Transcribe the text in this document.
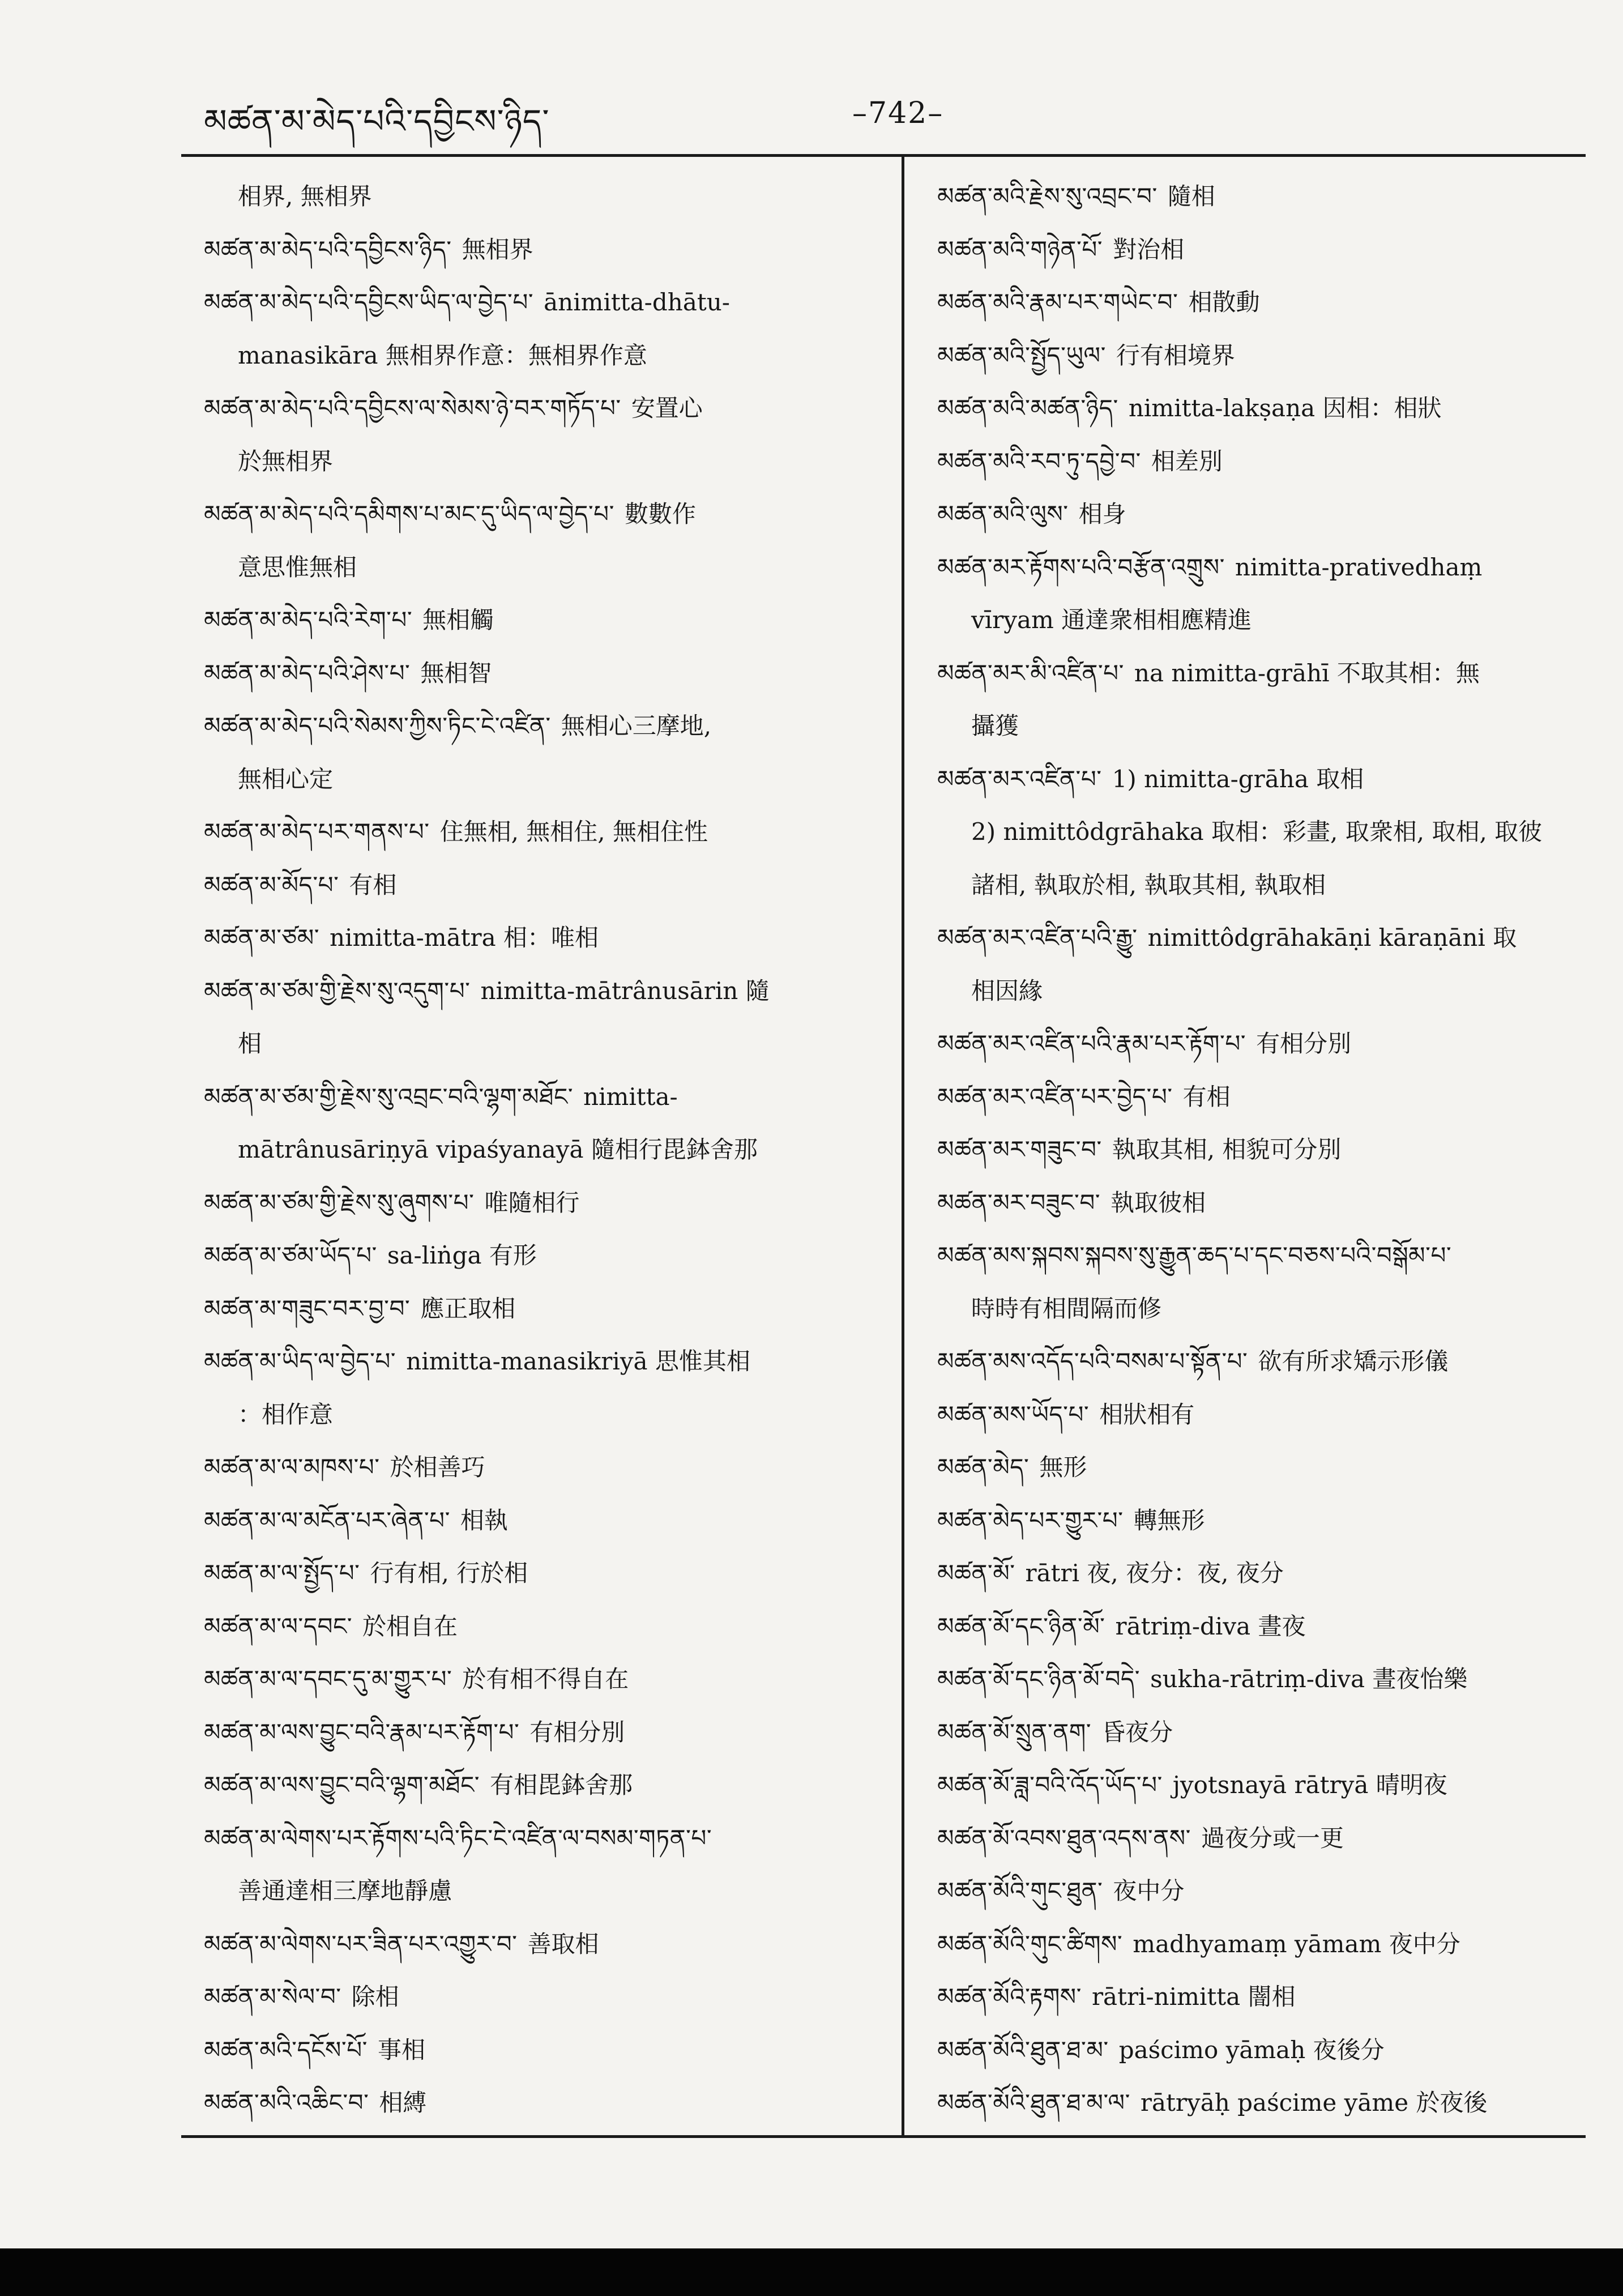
མཚན་མ་མེད་པའི་དབྱིངས་ཉིད་	–742–
相界, 無相界
མཚན་མ་མེད་པའི་དབྱིངས་ཉིད་ 無相界
མཚན་མ་མེད་པའི་དབྱིངས་ཡིད་ལ་བྱེད་པ་ ānimitta-dhātu-
manasikāra 無相界作意：無相界作意
མཚན་མ་མེད་པའི་དབྱིངས་ལ་སེམས་ཉེ་བར་གཏོད་པ་ 安置心
於無相界
མཚན་མ་མེད་པའི་དམིགས་པ་མང་དུ་ཡིད་ལ་བྱེད་པ་ 數數作
意思惟無相
མཚན་མ་མེད་པའི་རེག་པ་ 無相觸
མཚན་མ་མེད་པའི་ཤེས་པ་ 無相智
མཚན་མ་མེད་པའི་སེམས་ཀྱིས་ཏིང་ངེ་འཛིན་ 無相心三摩地,
無相心定
མཚན་མ་མེད་པར་གནས་པ་ 住無相, 無相住, 無相住性
མཚན་མ་མོད་པ་ 有相
མཚན་མ་ཙམ་ nimitta-mātra 相：唯相
མཚན་མ་ཙམ་གྱི་རྗེས་སུ་འདུག་པ་ nimitta-mātrânusārin 隨
相
མཚན་མ་ཙམ་གྱི་རྗེས་སུ་འབྲང་བའི་ལྷག་མཐོང་ nimitta-
mātrânusāriṇyā vipaśyanayā 隨相行毘鉢舍那
མཚན་མ་ཙམ་གྱི་རྗེས་སུ་ཞུགས་པ་ 唯隨相行
མཚན་མ་ཙམ་ཡོད་པ་ sa-liṅga 有形
མཚན་མ་གཟུང་བར་བྱ་བ་ 應正取相
མཚན་མ་ཡིད་ལ་བྱེད་པ་ nimitta-manasikriyā 思惟其相
：相作意
མཚན་མ་ལ་མཁས་པ་ 於相善巧
མཚན་མ་ལ་མངོན་པར་ཞེན་པ་ 相執
མཚན་མ་ལ་སྤྱོད་པ་ 行有相, 行於相
མཚན་མ་ལ་དབང་ 於相自在
མཚན་མ་ལ་དབང་དུ་མ་གྱུར་པ་ 於有相不得自在
མཚན་མ་ལས་བྱུང་བའི་རྣམ་པར་རྟོག་པ་ 有相分別
མཚན་མ་ལས་བྱུང་བའི་ལྷག་མཐོང་ 有相毘鉢舍那
མཚན་མ་ལེགས་པར་རྟོགས་པའི་ཏིང་ངེ་འཛིན་ལ་བསམ་གཏན་པ་
善通達相三摩地靜慮
མཚན་མ་ལེགས་པར་ཟིན་པར་འགྱུར་བ་ 善取相
མཚན་མ་སེལ་བ་ 除相
མཚན་མའི་དངོས་པོ་ 事相
མཚན་མའི་འཆིང་བ་ 相縛
མཚན་མའི་རྗེས་སུ་འབྲང་བ་ 隨相
མཚན་མའི་གཉེན་པོ་ 對治相
མཚན་མའི་རྣམ་པར་གཡེང་བ་ 相散動
མཚན་མའི་སྤྱོད་ཡུལ་ 行有相境界
མཚན་མའི་མཚན་ཉིད་ nimitta-lakṣaṇa 因相：相狀
མཚན་མའི་རབ་ཏུ་དབྱེ་བ་ 相差別
མཚན་མའི་ལུས་ 相身
མཚན་མར་རྟོགས་པའི་བརྩོན་འགྲུས་ nimitta-prativedhaṃ
vīryam 通達衆相相應精進
མཚན་མར་མི་འཛིན་པ་ na nimitta-grāhī 不取其相：無
攝獲
མཚན་མར་འཛིན་པ་ 1) nimitta-grāha 取相
2) nimittôdgrāhaka 取相：彩畫, 取衆相, 取相, 取彼
諸相, 執取於相, 執取其相, 執取相
མཚན་མར་འཛིན་པའི་རྒྱུ་ nimittôdgrāhakāṇi kāraṇāni 取
相因緣
མཚན་མར་འཛིན་པའི་རྣམ་པར་རྟོག་པ་ 有相分別
མཚན་མར་འཛིན་པར་བྱེད་པ་ 有相
མཚན་མར་གཟུང་བ་ 執取其相, 相貌可分別
མཚན་མར་བཟུང་བ་ 執取彼相
མཚན་མས་སྐབས་སྐབས་སུ་རྒྱུན་ཆད་པ་དང་བཅས་པའི་བསྒོམ་པ་
時時有相間隔而修
མཚན་མས་འདོད་པའི་བསམ་པ་སྟོན་པ་ 欲有所求矯示形儀
མཚན་མས་ཡོད་པ་ 相狀相有
མཚན་མེད་ 無形
མཚན་མེད་པར་གྱུར་པ་ 轉無形
མཚན་མོ་ rātri 夜, 夜分：夜, 夜分
མཚན་མོ་དང་ཉིན་མོ་ rātriṃ-diva 晝夜
མཚན་མོ་དང་ཉིན་མོ་བདེ་ sukha-rātriṃ-diva 晝夜怡樂
མཚན་མོ་སྲུན་ནག་ 昏夜分
མཚན་མོ་ཟླ་བའི་འོད་ཡོད་པ་ jyotsnayā rātryā 晴明夜
མཚན་མོ་འབས་ཐུན་འདས་ནས་ 過夜分或一更
མཚན་མོའི་གུང་ཐུན་ 夜中分
མཚན་མོའི་གུང་ཚིགས་ madhyamaṃ yāmam 夜中分
མཚན་མོའི་རྟགས་ rātri-nimitta 闇相
མཚན་མོའི་ཐུན་ཐ་མ་ paścimo yāmaḥ 夜後分
མཚན་མོའི་ཐུན་ཐ་མ་ལ་ rātryāḥ paścime yāme 於夜後
